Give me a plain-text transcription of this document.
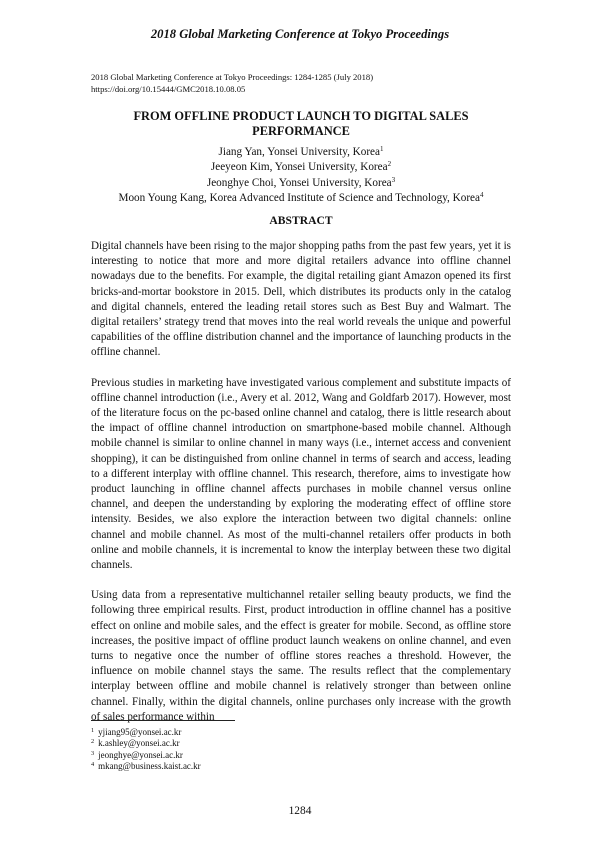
2018 Global Marketing Conference at Tokyo Proceedings
2018 Global Marketing Conference at Tokyo Proceedings: 1284-1285 (July 2018)
https://doi.org/10.15444/GMC2018.10.08.05
FROM OFFLINE PRODUCT LAUNCH TO DIGITAL SALES
PERFORMANCE
Jiang Yan, Yonsei University, Korea$^1$
Jeeyeon Kim, Yonsei University, Korea$^2$
Jeonghye Choi, Yonsei University, Korea$^3$
Moon Young Kang, Korea Advanced Institute of Science and Technology, Korea$^4$
ABSTRACT

Digital channels have been rising to the major shopping paths from the past few years, yet it is interesting to notice that more and more digital retailers advance into offline channel nowadays due to the benefits. For example, the digital retailing giant Amazon opened its first bricks-and-mortar bookstore in 2015. Dell, which distributes its products only in the catalog and digital channels, entered the leading retail stores such as Best Buy and Walmart. The digital retailers’ strategy trend that moves into the real world reveals the unique and powerful capabilities of the offline distribution channel and the importance of launching products in the offline channel.

Previous studies in marketing have investigated various complement and substitute impacts of offline channel introduction (i.e., Avery et al. 2012, Wang and Goldfarb 2017). However, most of the literature focus on the pc-based online channel and catalog, there is little research about the impact of offline channel introduction on smartphone-based mobile channel. Although mobile channel is similar to online channel in many ways (i.e., internet access and convenient shopping), it can be distinguished from online channel in terms of search and access, leading to a different interplay with offline channel. This research, therefore, aims to investigate how product launching in offline channel affects purchases in mobile channel versus online channel, and deepen the understanding by exploring the moderating effect of offline store intensity. Besides, we also explore the interaction between two digital channels: online channel and mobile channel. As most of the multi-channel retailers offer products in both online and mobile channels, it is incremental to know the interplay between these two digital channels.

Using data from a representative multichannel retailer selling beauty products, we find the following three empirical results. First, product introduction in offline channel has a positive effect on online and mobile sales, and the effect is greater for mobile. Second, as offline store increases, the positive impact of offline product launch weakens on online channel, and even turns to negative once the number of offline stores reaches a threshold. However, the influence on mobile channel stays the same. The results reflect that the complementary interplay between offline and mobile channel is relatively stronger than between online channel. Finally, within the digital channels, online purchases only increase with the growth of sales performance within

$^1$ yjiang95@yonsei.ac.kr
$^2$ k.ashley@yonsei.ac.kr
$^3$ jeonghye@yonsei.ac.kr
$^4$ mkang@business.kaist.ac.kr
1284
